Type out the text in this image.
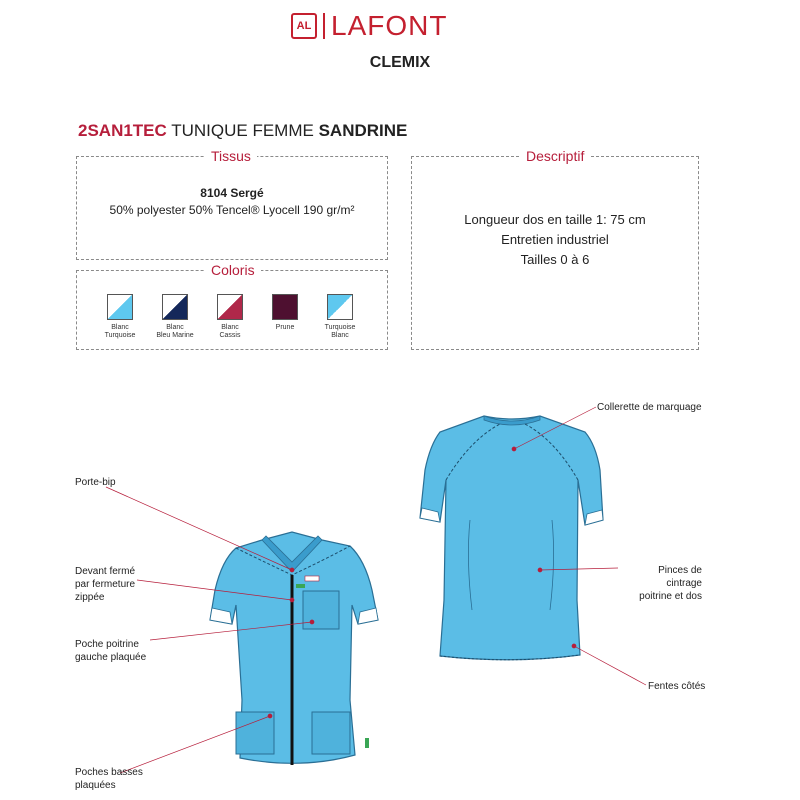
AL LAFONT
CLEMIX
2SAN1TEC TUNIQUE FEMME SANDRINE
Tissus
8104 Sergé
50% polyester 50% Tencel® Lyocell 190 gr/m²
Coloris
Blanc
Turquoise
Blanc
Bleu Marine
Blanc
Cassis
Prune	Turquoise
Blanc
Descriptif
Longueur dos en taille 1: 75 cm
Entretien industriel
Tailles 0 à 6
Porte-bip
Devant fermé
par fermeture
zippée
Poche poitrine
gauche plaquée
Poches basses
plaquées
Collerette de marquage
Pinces de cintrage
poitrine et dos
Fentes côtés
